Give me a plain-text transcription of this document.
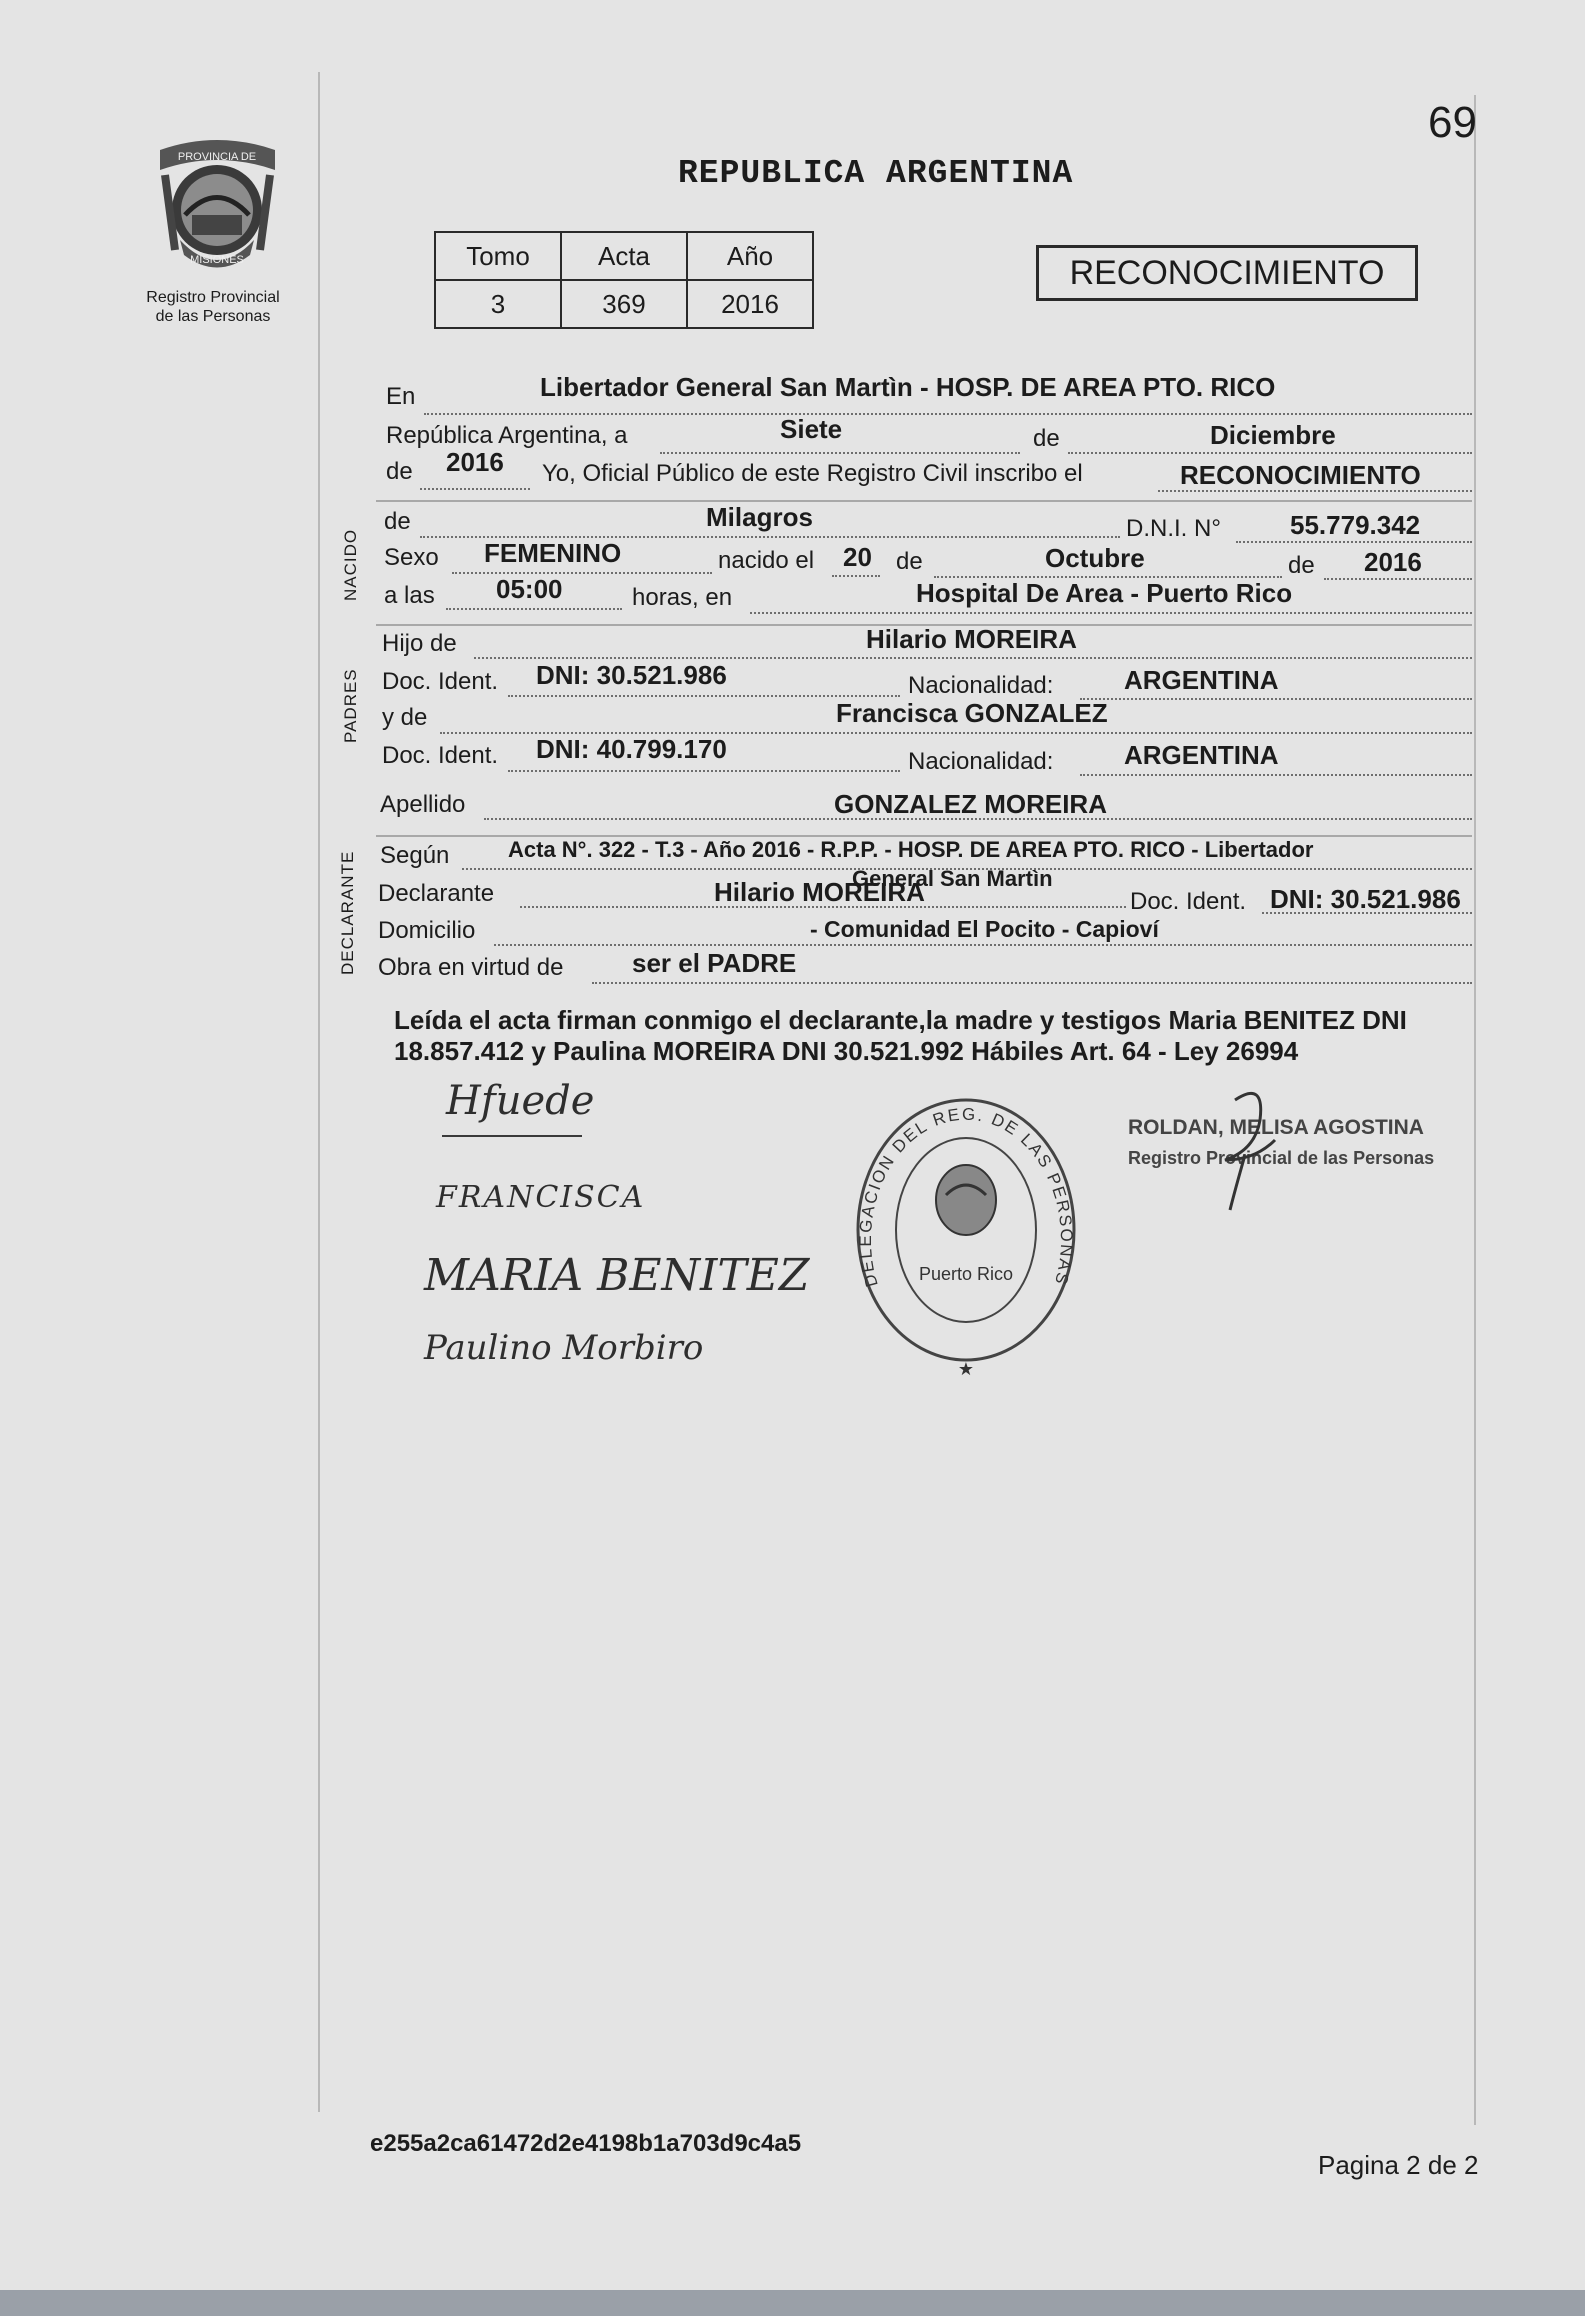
69
PROVINCIA DE
MISIONES
Registro Provincial
de las Personas
REPUBLICA ARGENTINA
Tomo	Acta	Año
3	369	2016
RECONOCIMIENTO
NACIDO
PADRES
DECLARANTE
En	Libertador General San Martìn - HOSP. DE AREA PTO. RICO
República Argentina, a	Siete	de	Diciembre
de 2016 Yo, Oficial Público de este Registro Civil inscribo el	RECONOCIMIENTO
de	Milagros	D.N.I. N°	55.779.342
Sexo FEMENINO	nacido el 20 de	Octubre	de 2016
a las 05:00	horas, en	Hospital De Area - Puerto Rico
Hijo de	Hilario MOREIRA
Doc. Ident. DNI: 30.521.986	Nacionalidad:	ARGENTINA
y de	Francisca GONZALEZ
Doc. Ident. DNI: 40.799.170	Nacionalidad:	ARGENTINA
Apellido	GONZALEZ MOREIRA
Según	Acta N°. 322 - T.3 - Año 2016 - R.P.P. - HOSP. DE AREA PTO. RICO - Libertador
Declarante	Hilario MOREIRA
General San Martìn
Doc. Ident. DNI: 30.521.986
Domicilio	- Comunidad El Pocito - Capioví
Obra en virtud de	ser el PADRE
Leída el acta firman conmigo el declarante,la madre y testigos Maria BENITEZ DNI 18.857.412 y Paulina MOREIRA DNI 30.521.992 Hábiles Art. 64 - Ley 26994
Hfuede
FRANCISCA
MARIA BENITEZ
Paulino Morbiro
DELEGACION DEL REG. DE LAS PERSONAS
Puerto Rico
★
ROLDAN, MELISA AGOSTINA
Registro Provincial de las Personas
e255a2ca61472d2e4198b1a703d9c4a5
Pagina 2 de 2
